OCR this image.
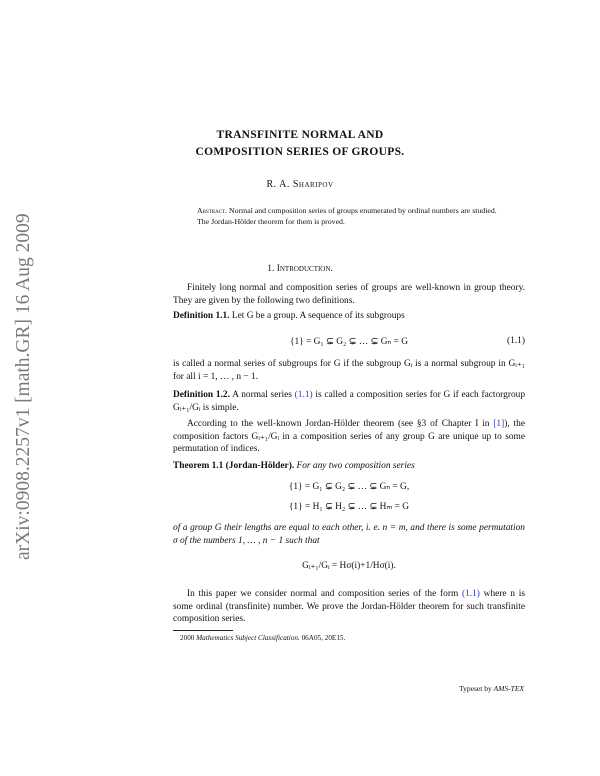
arXiv:0908.2257v1 [math.GR] 16 Aug 2009
TRANSFINITE NORMAL AND
COMPOSITION SERIES OF GROUPS.
R. A. Sharipov
Abstract. Normal and composition series of groups enumerated by ordinal numbers are studied. The Jordan-Hölder theorem for them is proved.
1. Introduction.
Finitely long normal and composition series of groups are well-known in group theory. They are given by the following two definitions.
Definition 1.1. Let G be a group. A sequence of its subgroups
{1} = G₁ ⊊ G₂ ⊊ … ⊊ Gₙ = G	(1.1)
is called a normal series of subgroups for G if the subgroup Gᵢ is a normal subgroup in Gᵢ₊₁ for all i = 1, … , n − 1.
Definition 1.2. A normal series (1.1) is called a composition series for G if each factorgroup Gᵢ₊₁/Gᵢ is simple.
According to the well-known Jordan-Hölder theorem (see §3 of Chapter I in [1]), the composition factors Gᵢ₊₁/Gᵢ in a composition series of any group G are unique up to some permutation of indices.
Theorem 1.1 (Jordan-Hölder). For any two composition series
{1} = G₁ ⊊ G₂ ⊊ … ⊊ Gₙ = G,
{1} = H₁ ⊊ H₂ ⊊ … ⊊ Hₘ = G
of a group G their lengths are equal to each other, i. e. n = m, and there is some permutation σ of the numbers 1, … , n − 1 such that
Gᵢ₊₁/Gᵢ = Hσ(i)+1/Hσ(i).
In this paper we consider normal and composition series of the form (1.1) where n is some ordinal (transfinite) number. We prove the Jordan-Hölder theorem for such transfinite composition series.
2000 Mathematics Subject Classification. 06A05, 20E15.
Typeset by AMS-TEX
